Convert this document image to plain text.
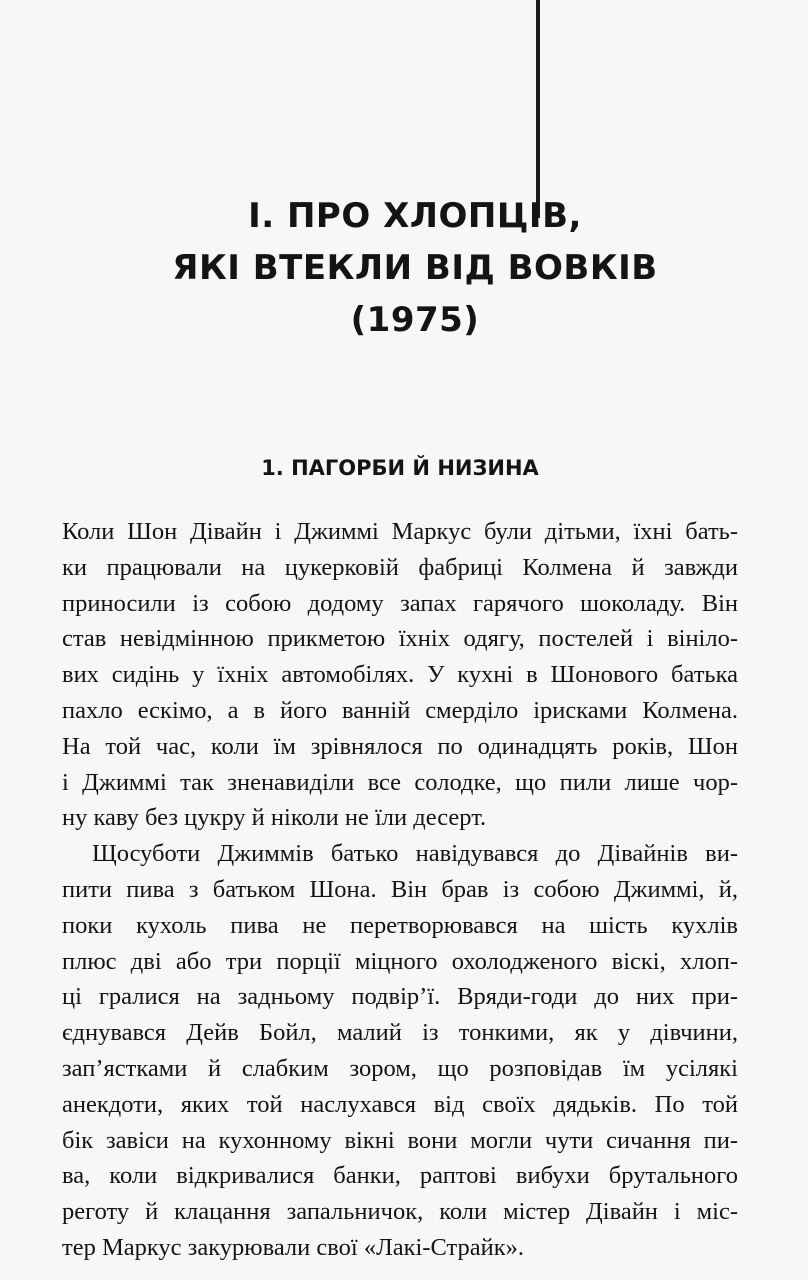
І. ПРО ХЛОПЦІВ,
ЯКІ ВТЕКЛИ ВІД ВОВКІВ
(1975)
1. ПАГОРБИ Й НИЗИНА
Коли Шон Дівайн і Джиммі Маркус були дітьми, їхні бать-
ки працювали на цукерковій фабриці Колмена й завжди
приносили із собою додому запах гарячого шоколаду. Він
став невідмінною прикметою їхніх одягу, постелей і вініло-
вих сидінь у їхніх автомобілях. У кухні в Шонового батька
пахло ескімо, а в його ванній смерділо ірисками Колмена.
На той час, коли їм зрівнялося по одинадцять років, Шон
і Джиммі так зненавиділи все солодке, що пили лише чор-
ну каву без цукру й ніколи не їли десерт.
Щосуботи Джиммів батько навідувався до Дівайнів ви-
пити пива з батьком Шона. Він брав із собою Джиммі, й,
поки кухоль пива не перетворювався на шість кухлів
плюс дві або три порції міцного охолодженого віскі, хлоп-
ці гралися на задньому подвір’ї. Вряди-годи до них при-
єднувався Дейв Бойл, малий із тонкими, як у дівчини,
зап’ястками й слабким зором, що розповідав їм усілякі
анекдоти, яких той наслухався від своїх дядьків. По той
бік завіси на кухонному вікні вони могли чути сичання пи-
ва, коли відкривалися банки, раптові вибухи брутального
реготу й клацання запальничок, коли містер Дівайн і міс-
тер Маркус закурювали свої «Лакі-Страйк».
